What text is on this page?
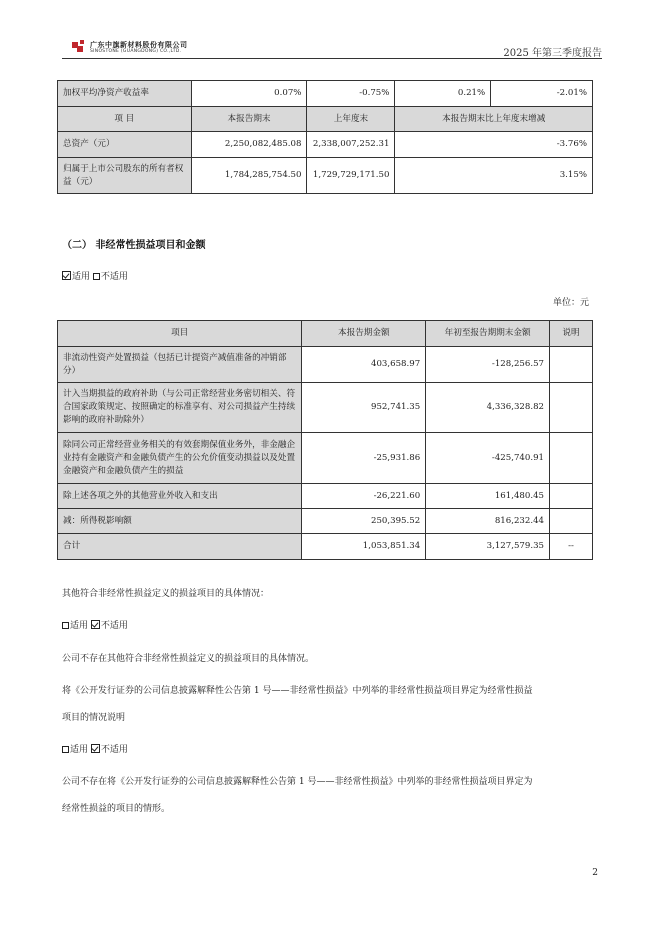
广东中旗新材料股份有限公司
SINOSTONE (GUANGDONG) CO.,LTD.	2025 年第三季度报告
加权平均净资产收益率	0.07%	-0.75%	0.21%	-2.01%
项 目	本报告期末	上年度末	本报告期末比上年度末增减	
总资产（元）	2,250,082,485.08	2,338,007,252.31	-3.76%	
归属于上市公司股东的所有者权益（元）	1,784,285,754.50	1,729,729,171.50	3.15%	
（二） 非经常性损益项目和金额
适用 不适用
单位：元
项目	本报告期金额	年初至报告期期末金额	说明
非流动性资产处置损益（包括已计提资产减值准备的冲销部分）	403,658.97	-128,256.57	
计入当期损益的政府补助（与公司正常经营业务密切相关、符合国家政策规定、按照确定的标准享有、对公司损益产生持续影响的政府补助除外）	952,741.35	4,336,328.82	
除同公司正常经营业务相关的有效套期保值业务外，非金融企业持有金融资产和金融负债产生的公允价值变动损益以及处置金融资产和金融负债产生的损益	-25,931.86	-425,740.91	
除上述各项之外的其他营业外收入和支出	-26,221.60	161,480.45	
减：所得税影响额	250,395.52	816,232.44	
合计	1,053,851.34	3,127,579.35	--
其他符合非经常性损益定义的损益项目的具体情况：
适用 不适用
公司不存在其他符合非经常性损益定义的损益项目的具体情况。
将《公开发行证券的公司信息披露解释性公告第 1 号——非经常性损益》中列举的非经常性损益项目界定为经常性损益
项目的情况说明
适用 不适用
公司不存在将《公开发行证券的公司信息披露解释性公告第 1 号——非经常性损益》中列举的非经常性损益项目界定为
经常性损益的项目的情形。
2
